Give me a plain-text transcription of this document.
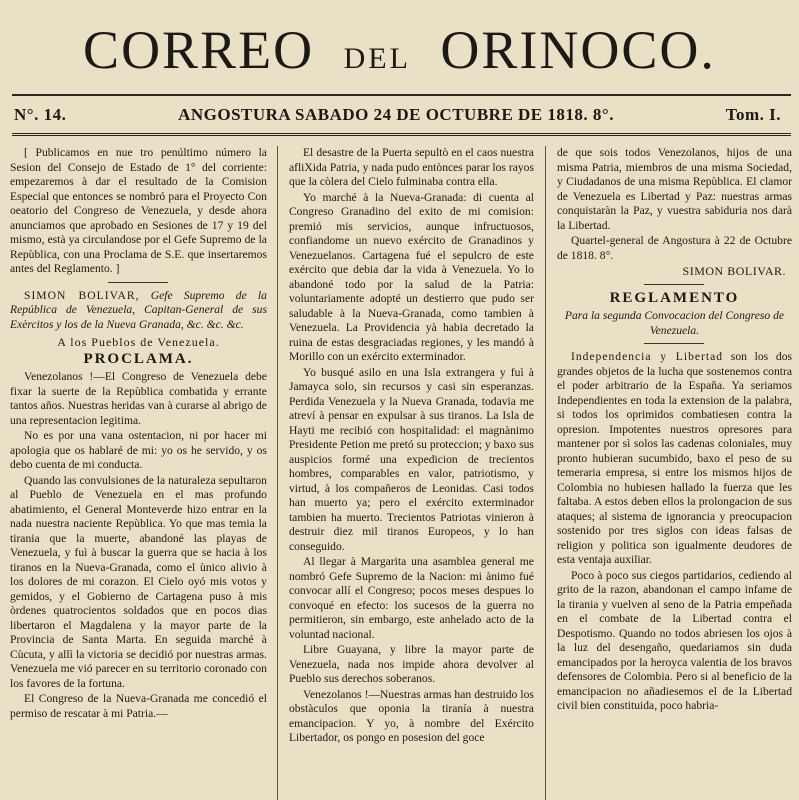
CORREO DEL ORINOCO.
N°. 14.	ANGOSTURA SABADO 24 DE OCTUBRE DE 1818. 8°.	Tom. I.

[ Publicamos en nue tro penúltimo número la Sesion del Consejo de Estado de 1° del corriente: empezaremos à dar el resultado de la Comision Especial que entonces se nombró para el Proyecto Con oeatorio del Congreso de Venezuela, y desde ahora anunciamos que aprobado en Sesiones de 17 y 19 del mismo, està ya circulandose por el Gefe Supremo de la Repùblica, con una Proclama de S.E. que insertaremos antes del Reglamento. ]

SIMON BOLIVAR, Gefe Supremo de la República de Venezuela, Capitan-General de sus Exèrcitos y los de la Nueva Granada, &c. &c. &c.

A los Pueblos de Venezuela.

PROCLAMA.

Venezolanos !—El Congreso de Venezuela debe fixar la suerte de la Repùblica combatida y errante tantos años. Nuestras heridas van à curarse al abrigo de una representacion legitima.

No es por una vana ostentacion, ni por hacer mi apologia que os hablaré de mi: yo os he servido, y os debo cuenta de mi conducta.

Quando las convulsiones de la naturaleza sepultaron al Pueblo de Venezuela en el mas profundo abatimiento, el General Monteverde hizo entrar en la nada nuestra naciente Repùblica. Yo que mas temia la tirania que la muerte, abandoné las playas de Venezuela, y fuì à buscar la guerra que se hacia à los tiranos en la Nueva-Granada, como el ùnico alivio à los dolores de mi corazon. El Cielo oyó mis votos y gemidos, y el Gobierno de Cartagena puso à mis òrdenes quatrocientos soldados que en pocos dias libertaron el Magdalena y la mayor parte de la Provincia de Santa Marta. En seguida marché à Cùcuta, y allì la victoria se decidió por nuestras armas. Venezuela me vió parecer en su territorio coronado con los favores de la fortuna.

El Congreso de la Nueva-Granada me concedió el permiso de rescatar à mi Patria.—

El desastre de la Puerta sepultò en el caos nuestra afliXida Patria, y nada pudo entònces parar los rayos que la còlera del Cielo fulminaba contra ella.

Yo marché à la Nueva-Granada: di cuenta al Congreso Granadino del exito de mi comision: premió mis servicios, aunque infructuosos, confiandome un nuevo exército de Granadinos y Venezuelanos. Cartagena fué el sepulcro de este exército que debia dar la vida à Venezuela. Yo lo abandoné todo por la salud de la Patria: voluntariamente adopté un destierro que pudo ser saludable à la Nueva-Granada, como tambien à Venezuela. La Providencia yà habia decretado la ruina de estas desgraciadas regiones, y les mandó à Morillo con un exército exterminador.

Yo busqué asilo en una Isla extrangera y fuì à Jamayca solo, sin recursos y casi sin esperanzas. Perdida Venezuela y la Nueva Granada, todavia me atreví à pensar en expulsar à sus tiranos. La Isla de Hayti me recibió con hospitalidad: el magnànimo Presidente Petion me pretó su proteccion; y baxo sus auspicios formé una expedicion de trecientos hombres, comparables en valor, patriotismo, y virtud, à los compañeros de Leonidas. Casi todos han muerto ya; pero el exército exterminador tambien ha muerto. Trecientos Patriotas vinieron à destruir diez mil tiranos Europeos, y lo han conseguido.

Al llegar à Margarita una asamblea general me nombró Gefe Supremo de la Nacion: mi ànimo fué convocar allí el Congreso; pocos meses despues lo convoqué en efecto: los sucesos de la guerra no permitieron, sin embargo, este anhelado acto de la voluntad nacional.

Libre Guayana, y libre la mayor parte de Venezuela, nada nos impide ahora devolver al Pueblo sus derechos soberanos.

Venezolanos !—Nuestras armas han destruido los obstàculos que oponia la tiranía à nuestra emancipacion. Y yo, à nombre del Exército Libertador, os pongo en posesion del goce

de que sois todos Venezolanos, hijos de una misma Patria, miembros de una misma Sociedad, y Ciudadanos de una misma Repùblica. El clamor de Venezuela es Libertad y Paz: nuestras armas conquistaràn la Paz, y vuestra sabiduria nos darà la Libertad.

Quartel-general de Angostura à 22 de Octubre de 1818. 8°.

SIMON BOLIVAR.

REGLAMENTO

Para la segunda Convocacion del Congreso de Venezuela.

Independencia y Libertad son los dos grandes objetos de la lucha que sostenemos contra el poder arbitrario de la España. Ya seriamos Independientes en toda la extension de la palabra, si todos los oprimidos combatiesen contra la opresion. Impotentes nuestros opresores para mantener por sì solos las cadenas coloniales, muy pronto hubieran sucumbido, baxo el peso de su temeraria empresa, si entre los mismos hijos de Colombia no hubiesen hallado la fuerza que les faltaba. A estos deben ellos la prolongacion de sus ataques; al sistema de ignorancia y preocupacion sostenido por tres siglos con ideas falsas de religion y politica son igualmente deudores de esta ventaja auxiliar.

Poco à poco sus ciegos partidarios, cediendo al grito de la razon, abandonan el campo infame de la tirania y vuelven al seno de la Patria empeñada en el combate de la Libertad contra el Despotismo. Quando no todos abriesen los ojos à la luz del desengaño, quedariamos sin duda emancipados por la heroyca valentia de los bravos defensores de Colombia. Pero si al beneficio de la emancipacion no añadiesemos el de la Libertad civil bien constituida, poco habria-
